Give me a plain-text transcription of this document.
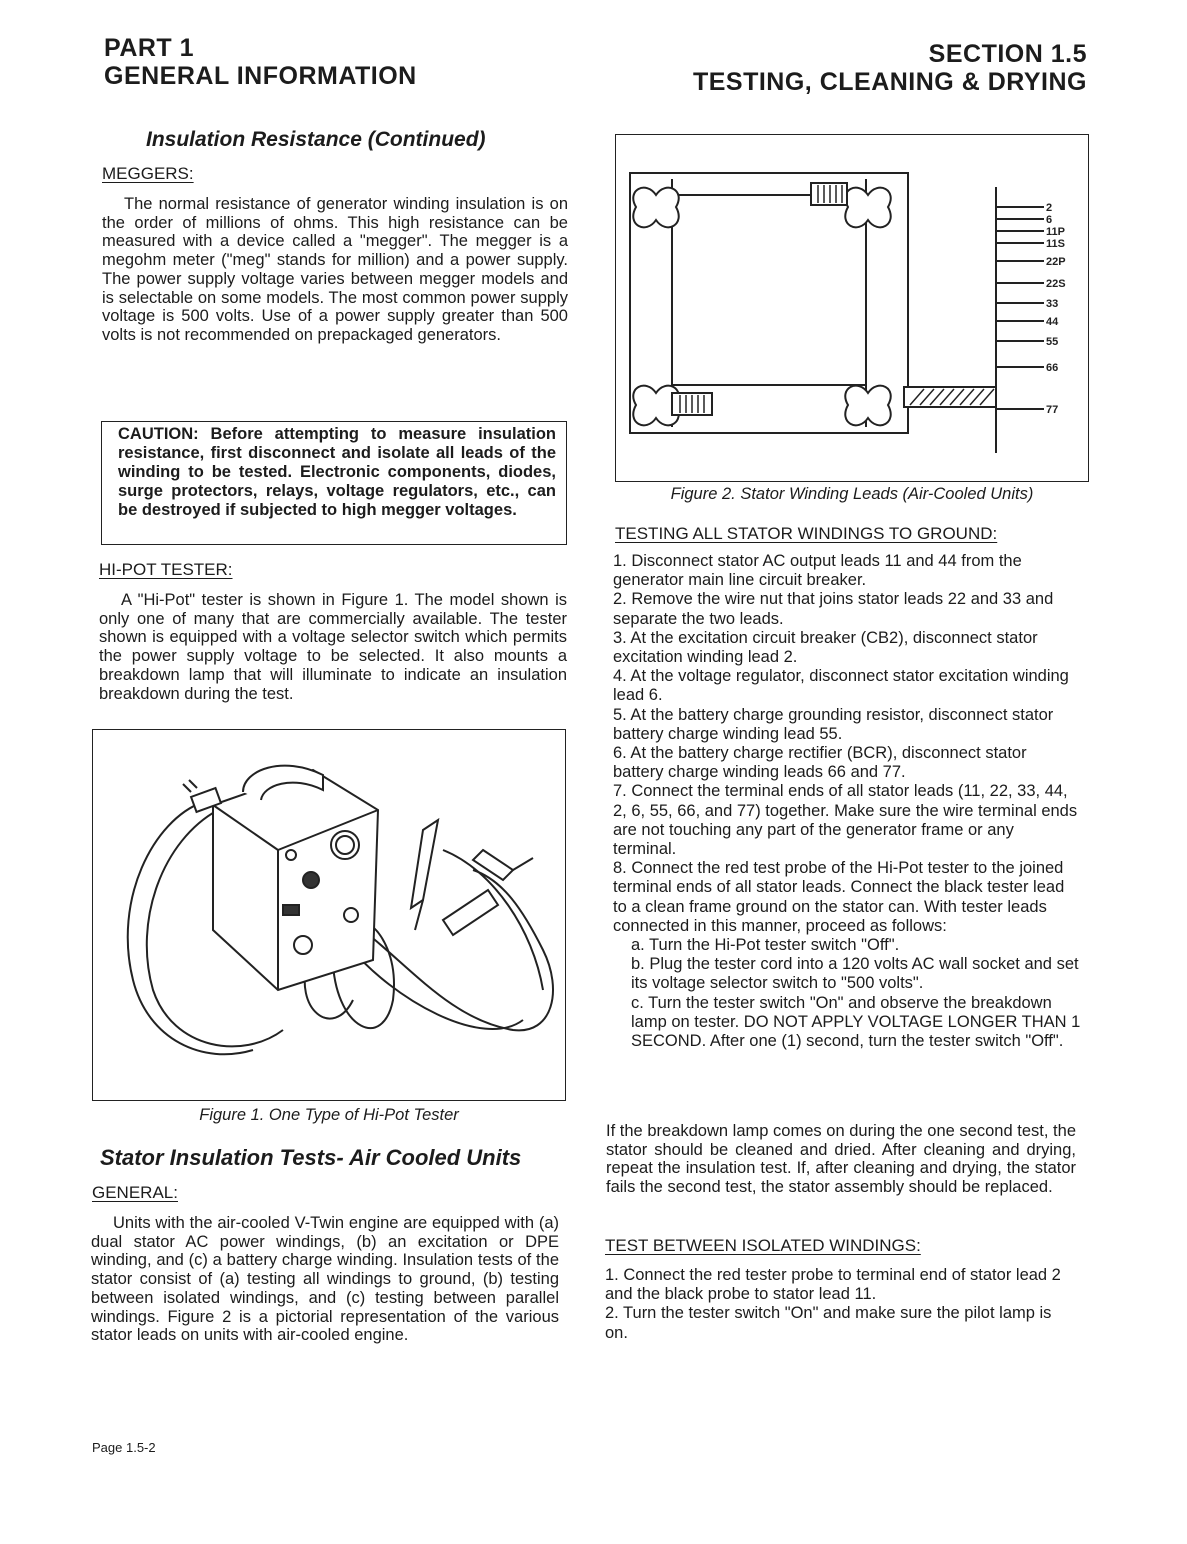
PART 1
GENERAL INFORMATION
SECTION 1.5
TESTING, CLEANING & DRYING
Insulation Resistance (Continued)
MEGGERS:

The normal resistance of generator winding insulation is on the order of millions of ohms. This high resistance can be measured with a device called a "megger". The megger is a megohm meter ("meg" stands for million) and a power supply. The power supply voltage varies between megger models and is selectable on some models. The most common power supply voltage is 500 volts. Use of a power supply greater than 500 volts is not recommended on prepackaged generators.

CAUTION: Before attempting to measure insulation resistance, first disconnect and isolate all leads of the winding to be tested. Electronic components, diodes, surge protectors, relays, voltage regulators, etc., can be destroyed if subjected to high megger voltages.
HI-POT TESTER:

A "Hi-Pot" tester is shown in Figure 1. The model shown is only one of many that are commercially available. The tester shown is equipped with a voltage selector switch which permits the power supply voltage to be selected. It also mounts a breakdown lamp that will illuminate to indicate an insulation breakdown during the test.

Figure 1. One Type of Hi-Pot Tester
Stator Insulation Tests- Air Cooled Units
GENERAL:

Units with the air-cooled V-Twin engine are equipped with (a) dual stator AC power windings, (b) an excitation or DPE winding, and (c) a battery charge winding. Insulation tests of the stator consist of (a) testing all windings to ground, (b) testing between isolated windings, and (c) testing between parallel windings. Figure 2 is a pictorial representation of the various stator leads on units with air-cooled engine.

2
6
11P
11S
22P
22S
33
44
55
66
77
Figure 2. Stator Winding Leads (Air-Cooled Units)
TESTING ALL STATOR WINDINGS TO GROUND:
1. Disconnect stator AC output leads 11 and 44 from the generator main line circuit breaker.
2. Remove the wire nut that joins stator leads 22 and 33 and separate the two leads.
3. At the excitation circuit breaker (CB2), disconnect stator excitation winding lead 2.
4. At the voltage regulator, disconnect stator excitation winding lead 6.
5. At the battery charge grounding resistor, disconnect stator battery charge winding lead 55.
6. At the battery charge rectifier (BCR), disconnect stator battery charge winding leads 66 and 77.
7. Connect the terminal ends of all stator leads (11, 22, 33, 44, 2, 6, 55, 66, and 77) together. Make sure the wire terminal ends are not touching any part of the generator frame or any terminal.
8. Connect the red test probe of the Hi-Pot tester to the joined terminal ends of all stator leads. Connect the black tester lead to a clean frame ground on the stator can. With tester leads connected in this manner, proceed as follows:
a. Turn the Hi-Pot tester switch "Off".
b. Plug the tester cord into a 120 volts AC wall socket and set its voltage selector switch to "500 volts".
c. Turn the tester switch "On" and observe the breakdown lamp on tester. DO NOT APPLY VOLTAGE LONGER THAN 1 SECOND. After one (1) second, turn the tester switch "Off".

If the breakdown lamp comes on during the one second test, the stator should be cleaned and dried. After cleaning and drying, repeat the insulation test. If, after cleaning and drying, the stator fails the second test, the stator assembly should be replaced.

TEST BETWEEN ISOLATED WINDINGS:
1. Connect the red tester probe to terminal end of stator lead 2 and the black probe to stator lead 11.
2. Turn the tester switch "On" and make sure the pilot lamp is on.
Page 1.5-2
